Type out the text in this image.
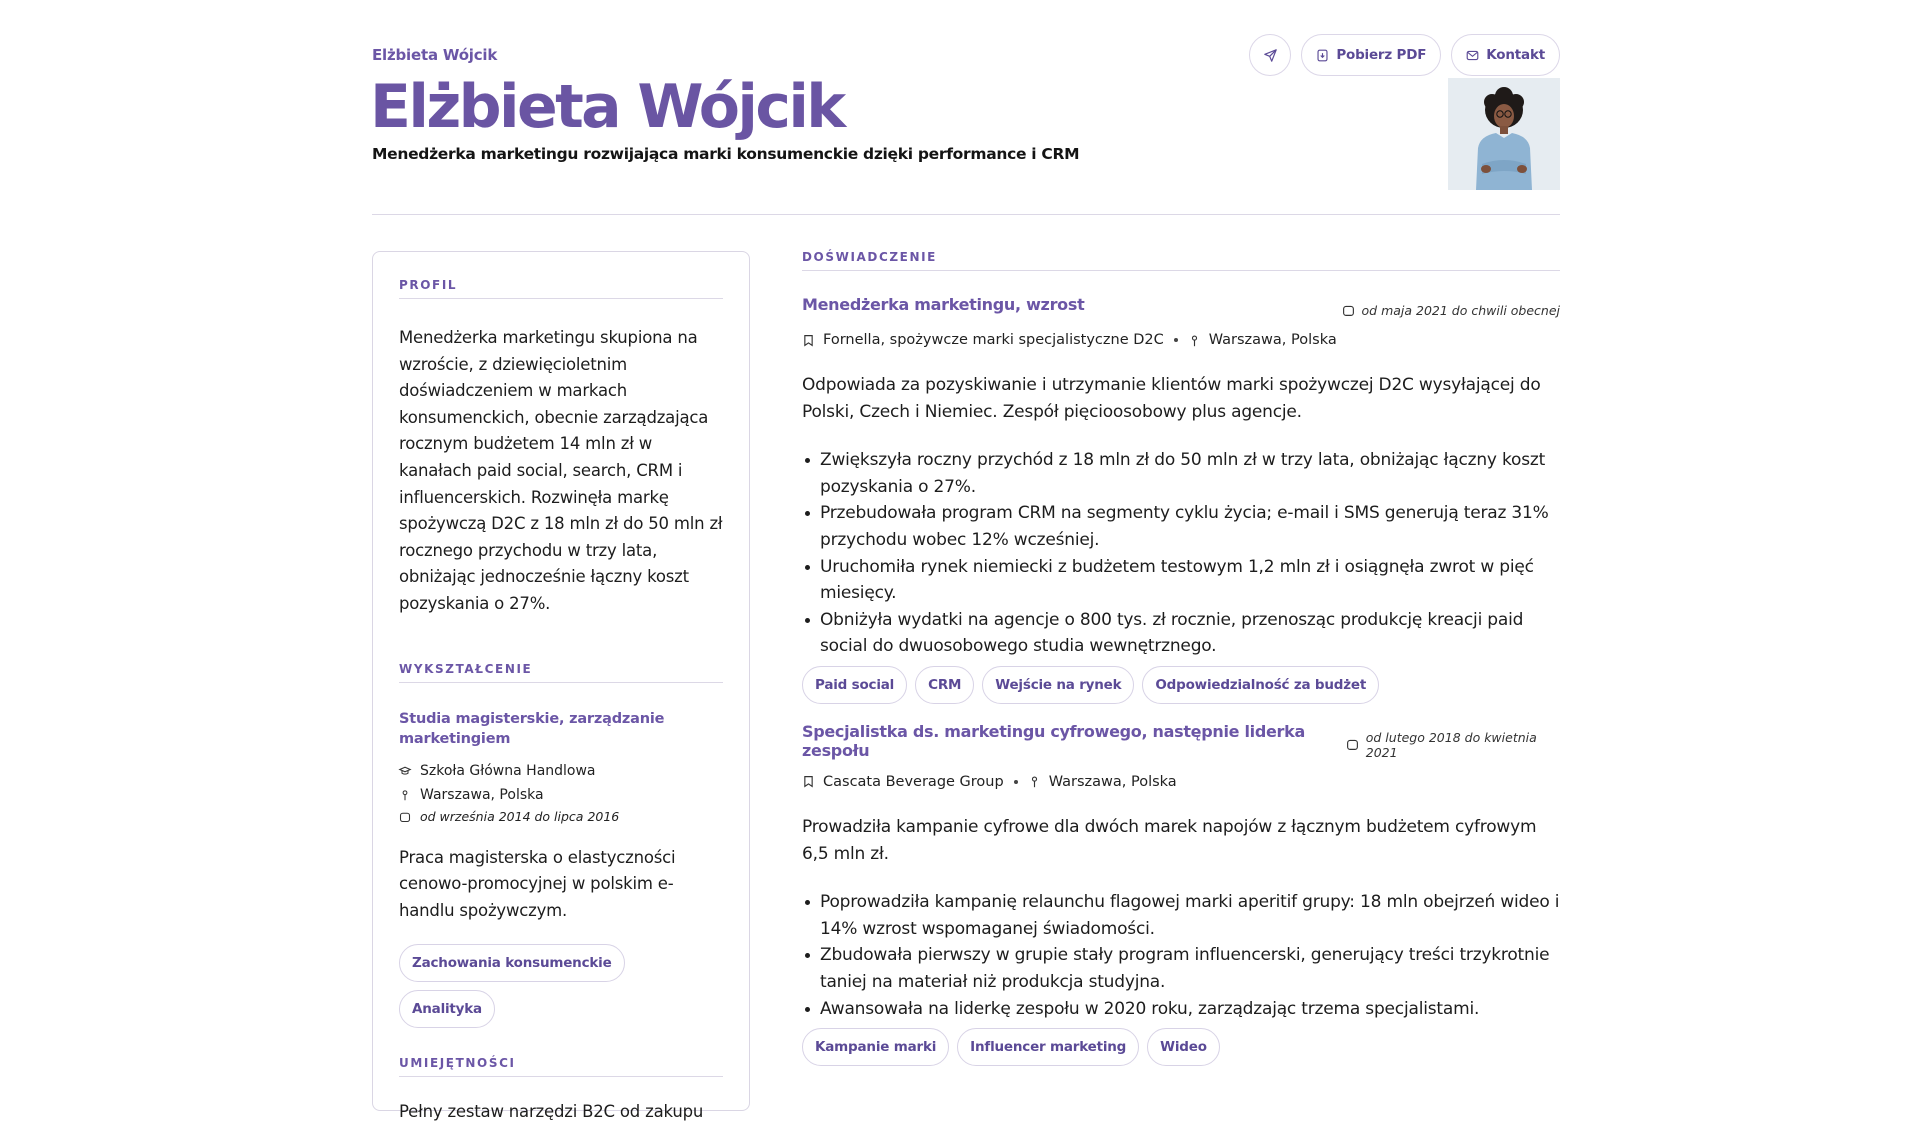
Elżbieta Wójcik
Elżbieta Wójcik
Menedżerka marketingu rozwijająca marki konsumenckie dzięki performance i CRM
Pobierz PDF	Kontakt
PROFIL

Menedżerka marketingu skupiona na wzroście, z dziewięcioletnim doświadczeniem w markach konsumenckich, obecnie zarządzająca rocznym budżetem 14 mln zł w kanałach paid social, search, CRM i influencerskich. Rozwinęła markę spożywczą D2C z 18 mln zł do 50 mln zł rocznego przychodu w trzy lata, obniżając jednocześnie łączny koszt pozyskania o 27%.

WYKSZTAŁCENIE
Studia magisterskie, zarządzanie marketingiem
Szkoła Główna Handlowa
Warszawa, Polska
od września 2014 do lipca 2016

Praca magisterska o elastyczności cenowo-promocyjnej w polskim e-handlu spożywczym.

Zachowania konsumenckie
Analityka
UMIEJĘTNOŚCI

Pełny zestaw narzędzi B2C od zakupu

DOŚWIADCZENIE
Menedżerka marketingu, wzrost	od maja 2021 do chwili obecnej
Fornella, spożywcze marki specjalistyczne D2C	Warszawa, Polska

Odpowiada za pozyskiwanie i utrzymanie klientów marki spożywczej D2C wysyłającej do Polski, Czech i Niemiec. Zespół pięcioosobowy plus agencje.

Zwiększyła roczny przychód z 18 mln zł do 50 mln zł w trzy lata, obniżając łączny koszt pozyskania o 27%.
Przebudowała program CRM na segmenty cyklu życia; e-mail i SMS generują teraz 31% przychodu wobec 12% wcześniej.
Uruchomiła rynek niemiecki z budżetem testowym 1,2 mln zł i osiągnęła zwrot w pięć miesięcy.
Obniżyła wydatki na agencje o 800 tys. zł rocznie, przenosząc produkcję kreacji paid social do dwuosobowego studia wewnętrznego.
Paid social	CRM	Wejście na rynek	Odpowiedzialność za budżet
Specjalistka ds. marketingu cyfrowego, następnie liderka zespołu
od lutego 2018 do kwietnia 2021
Cascata Beverage Group	Warszawa, Polska

Prowadziła kampanie cyfrowe dla dwóch marek napojów z łącznym budżetem cyfrowym 6,5 mln zł.

Poprowadziła kampanię relaunchu flagowej marki aperitif grupy: 18 mln obejrzeń wideo i 14% wzrost wspomaganej świadomości.
Zbudowała pierwszy w grupie stały program influencerski, generujący treści trzykrotnie taniej na materiał niż produkcja studyjna.
Awansowała na liderkę zespołu w 2020 roku, zarządzając trzema specjalistami.
Kampanie marki	Influencer marketing	Wideo
